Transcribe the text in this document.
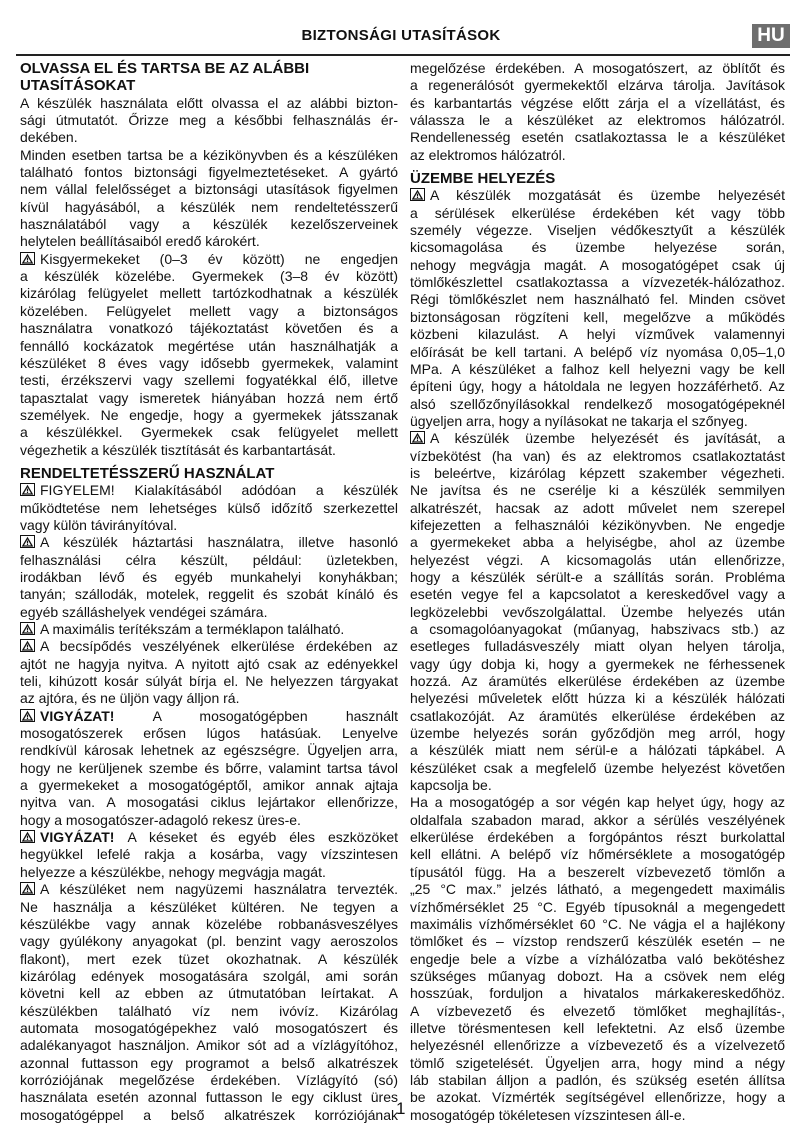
BIZTONSÁGI UTASÍTÁSOK	HU
OLVASSA EL ÉS TARTSA BE AZ ALÁBBI
UTASÍTÁSOKAT
A készülék használata előtt olvassa el az alábbi bizton-
sági útmutatót. Őrizze meg a későbbi felhasználás ér-
dekében.
Minden esetben tartsa be a kézikönyvben és a készüléken
található fontos biztonsági figyelmeztetéseket. A gyártó
nem vállal felelősséget a biztonsági utasítások figyelmen
kívül hagyásából, a készülék nem rendeltetésszerű
használatából vagy a készülék kezelőszerveinek
helytelen beállításaiból eredő károkért.
Kisgyermekeket (0–3 év között) ne engedjen
a készülék közelébe. Gyermekek (3–8 év között)
kizárólag felügyelet mellett tartózkodhatnak a készülék
közelében. Felügyelet mellett vagy a biztonságos
használatra vonatkozó tájékoztatást követően és a
fennálló kockázatok megértése után használhatják a
készüléket 8 éves vagy idősebb gyermekek, valamint
testi, érzékszervi vagy szellemi fogyatékkal élő, illetve
tapasztalat vagy ismeretek hiányában hozzá nem értő
személyek. Ne engedje, hogy a gyermekek játsszanak
a készülékkel. Gyermekek csak felügyelet mellett
végezhetik a készülék tisztítását és karbantartását.
RENDELTETÉSSZERŰ HASZNÁLAT
FIGYELEM! Kialakításából adódóan a készülék
működtetése nem lehetséges külső időzítő szerkezettel
vagy külön távirányítóval.
A készülék háztartási használatra, illetve hasonló
felhasználási célra készült, például: üzletekben,
irodákban lévő és egyéb munkahelyi konyhákban;
tanyán; szállodák, motelek, reggelit és szobát kínáló és
egyéb szálláshelyek vendégei számára.
A maximális terítékszám a terméklapon található.
A becsípődés veszélyének elkerülése érdekében az
ajtót ne hagyja nyitva. A nyitott ajtó csak az edényekkel
teli, kihúzott kosár súlyát bírja el. Ne helyezzen tárgyakat
az ajtóra, és ne üljön vagy álljon rá.
VIGYÁZAT! A mosogatógépben használt
mosogatószerek erősen lúgos hatásúak. Lenyelve
rendkívül károsak lehetnek az egészségre. Ügyeljen arra,
hogy ne kerüljenek szembe és bőrre, valamint tartsa távol
a gyermekeket a mosogatógéptől, amikor annak ajtaja
nyitva van. A mosogatási ciklus lejártakor ellenőrizze,
hogy a mosogatószer-adagoló rekesz üres-e.
VIGYÁZAT! A késeket és egyéb éles eszközöket
hegyükkel lefelé rakja a kosárba, vagy vízszintesen
helyezze a készülékbe, nehogy megvágja magát.
A készüléket nem nagyüzemi használatra tervezték.
Ne használja a készüléket kültéren. Ne tegyen a
készülékbe vagy annak közelébe robbanásveszélyes
vagy gyúlékony anyagokat (pl. benzint vagy aeroszolos
flakont), mert ezek tüzet okozhatnak. A készülék
kizárólag edények mosogatására szolgál, ami során
követni kell az ebben az útmutatóban leírtakat. A
készülékben található víz nem ivóvíz. Kizárólag
automata mosogatógépekhez való mosogatószert és
adalékanyagot használjon. Amikor sót ad a vízlágyítóhoz,
azonnal futtasson egy programot a belső alkatrészek
korróziójának megelőzése érdekében. Vízlágyító (só)
használata esetén azonnal futtasson le egy ciklust üres
mosogatógéppel a belső alkatrészek korróziójának
megelőzése érdekében. A mosogatószert, az öblítőt és
a regenerálósót gyermekektől elzárva tárolja. Javítások
és karbantartás végzése előtt zárja el a vízellátást, és
válassza le a készüléket az elektromos hálózatról.
Rendellenesség esetén csatlakoztassa le a készüléket
az elektromos hálózatról.
ÜZEMBE HELYEZÉS
A készülék mozgatását és üzembe helyezését
a sérülések elkerülése érdekében két vagy több
személy végezze. Viseljen védőkesztyűt a készülék
kicsomagolása és üzembe helyezése során,
nehogy megvágja magát. A mosogatógépet csak új
tömlőkészlettel csatlakoztassa a vízvezeték-hálózathoz.
Régi tömlőkészlet nem használható fel. Minden csövet
biztonságosan rögzíteni kell, megelőzve a működés
közbeni kilazulást. A helyi vízművek valamennyi
előírását be kell tartani. A belépő víz nyomása 0,05–1,0
MPa. A készüléket a falhoz kell helyezni vagy be kell
építeni úgy, hogy a hátoldala ne legyen hozzáférhető. Az
alsó szellőzőnyílásokkal rendelkező mosogatógépeknél
ügyeljen arra, hogy a nyílásokat ne takarja el szőnyeg.
A készülék üzembe helyezését és javítását, a
vízbekötést (ha van) és az elektromos csatlakoztatást
is beleértve, kizárólag képzett szakember végezheti.
Ne javítsa és ne cserélje ki a készülék semmilyen
alkatrészét, hacsak az adott művelet nem szerepel
kifejezetten a felhasználói kézikönyvben. Ne engedje
a gyermekeket abba a helyiségbe, ahol az üzembe
helyezést végzi. A kicsomagolás után ellenőrizze,
hogy a készülék sérült-e a szállítás során. Probléma
esetén vegye fel a kapcsolatot a kereskedővel vagy a
legközelebbi vevőszolgálattal. Üzembe helyezés után
a csomagolóanyagokat (műanyag, habszivacs stb.) az
esetleges fulladásveszély miatt olyan helyen tárolja,
vagy úgy dobja ki, hogy a gyermekek ne férhessenek
hozzá. Az áramütés elkerülése érdekében az üzembe
helyezési műveletek előtt húzza ki a készülék hálózati
csatlakozóját. Az áramütés elkerülése érdekében az
üzembe helyezés során győződjön meg arról, hogy
a készülék miatt nem sérül-e a hálózati tápkábel. A
készüléket csak a megfelelő üzembe helyezést követően
kapcsolja be.
Ha a mosogatógép a sor végén kap helyet úgy, hogy az
oldalfala szabadon marad, akkor a sérülés veszélyének
elkerülése érdekében a forgópántos részt burkolattal
kell ellátni. A belépő víz hőmérséklete a mosogatógép
típusától függ. Ha a beszerelt vízbevezető tömlőn a
„25 °C max.” jelzés látható, a megengedett maximális
vízhőmérséklet 25 °C. Egyéb típusoknál a megengedett
maximális vízhőmérséklet 60 °C. Ne vágja el a hajlékony
tömlőket és – vízstop rendszerű készülék esetén – ne
engedje bele a vízbe a vízhálózatba való bekötéshez
szükséges műanyag dobozt. Ha a csövek nem elég
hosszúak, forduljon a hivatalos márkakereskedőhöz.
A vízbevezető és elvezető tömlőket meghajlítás-,
illetve törésmentesen kell lefektetni. Az első üzembe
helyezésnél ellenőrizze a vízbevezető és a vízelvezető
tömlő szigetelését. Ügyeljen arra, hogy mind a négy
láb stabilan álljon a padlón, és szükség esetén állítsa
be azokat. Vízmérték segítségével ellenőrizze, hogy a
mosogatógép tökéletesen vízszintesen áll-e.
1
